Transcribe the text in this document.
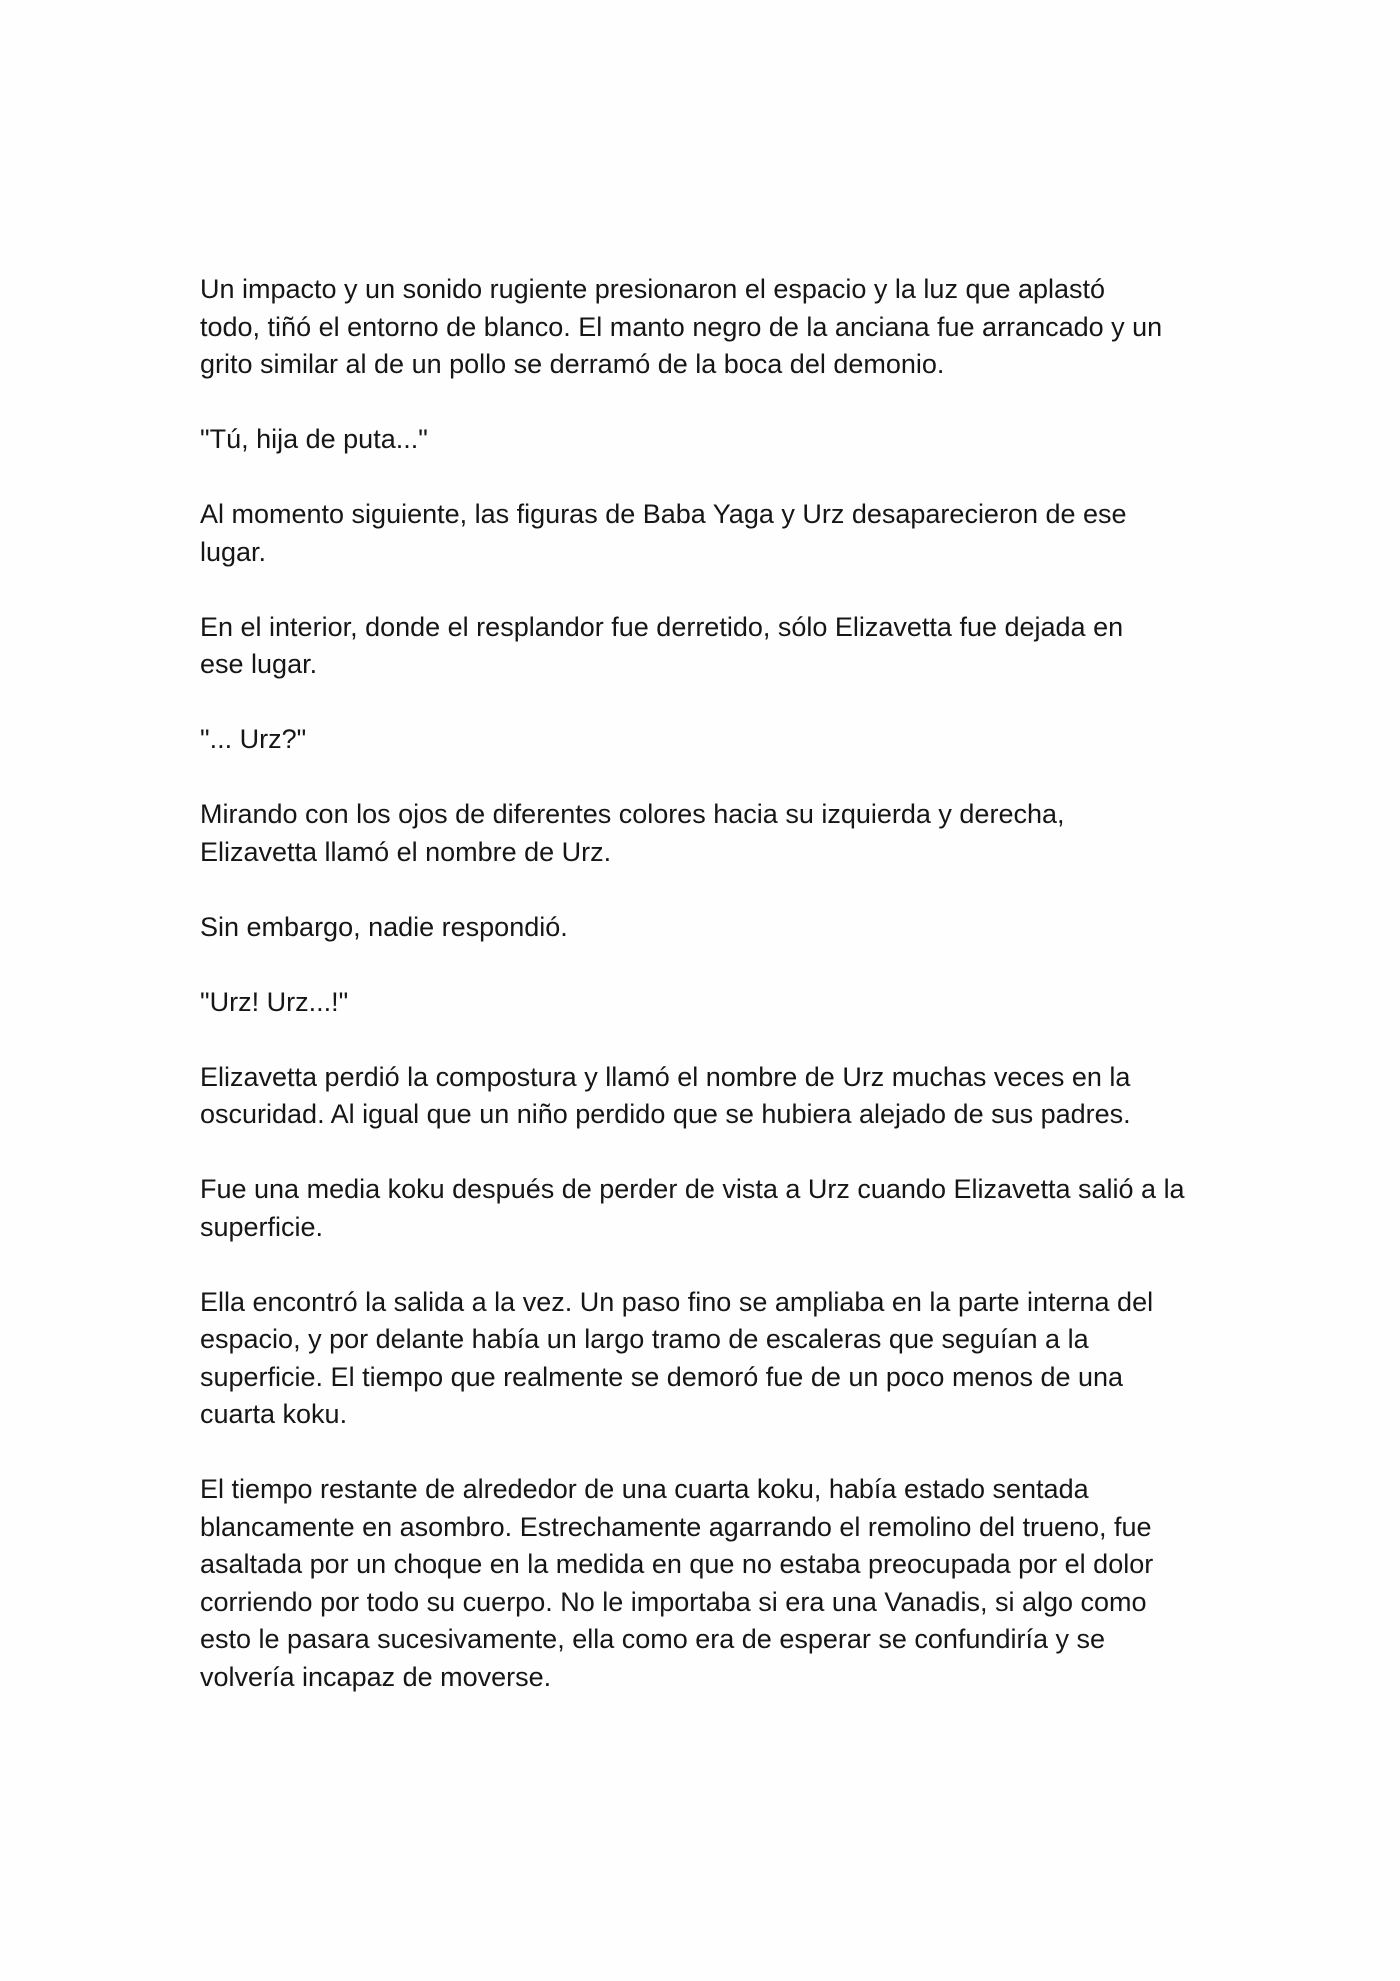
Un impacto y un sonido rugiente presionaron el espacio y la luz que aplastó
todo, tiñó el entorno de blanco. El manto negro de la anciana fue arrancado y un
grito similar al de un pollo se derramó de la boca del demonio.

"Tú, hija de puta..."

Al momento siguiente, las figuras de Baba Yaga y Urz desaparecieron de ese
lugar.

En el interior, donde el resplandor fue derretido, sólo Elizavetta fue dejada en
ese lugar.

"... Urz?"

Mirando con los ojos de diferentes colores hacia su izquierda y derecha,
Elizavetta llamó el nombre de Urz.

Sin embargo, nadie respondió.

"Urz! Urz...!"

Elizavetta perdió la compostura y llamó el nombre de Urz muchas veces en la
oscuridad. Al igual que un niño perdido que se hubiera alejado de sus padres.

Fue una media koku después de perder de vista a Urz cuando Elizavetta salió a la
superficie.

Ella encontró la salida a la vez. Un paso fino se ampliaba en la parte interna del
espacio, y por delante había un largo tramo de escaleras que seguían a la
superficie. El tiempo que realmente se demoró fue de un poco menos de una
cuarta koku.

El tiempo restante de alrededor de una cuarta koku, había estado sentada
blancamente en asombro. Estrechamente agarrando el remolino del trueno, fue
asaltada por un choque en la medida en que no estaba preocupada por el dolor
corriendo por todo su cuerpo. No le importaba si era una Vanadis, si algo como
esto le pasara sucesivamente, ella como era de esperar se confundiría y se
volvería incapaz de moverse.
